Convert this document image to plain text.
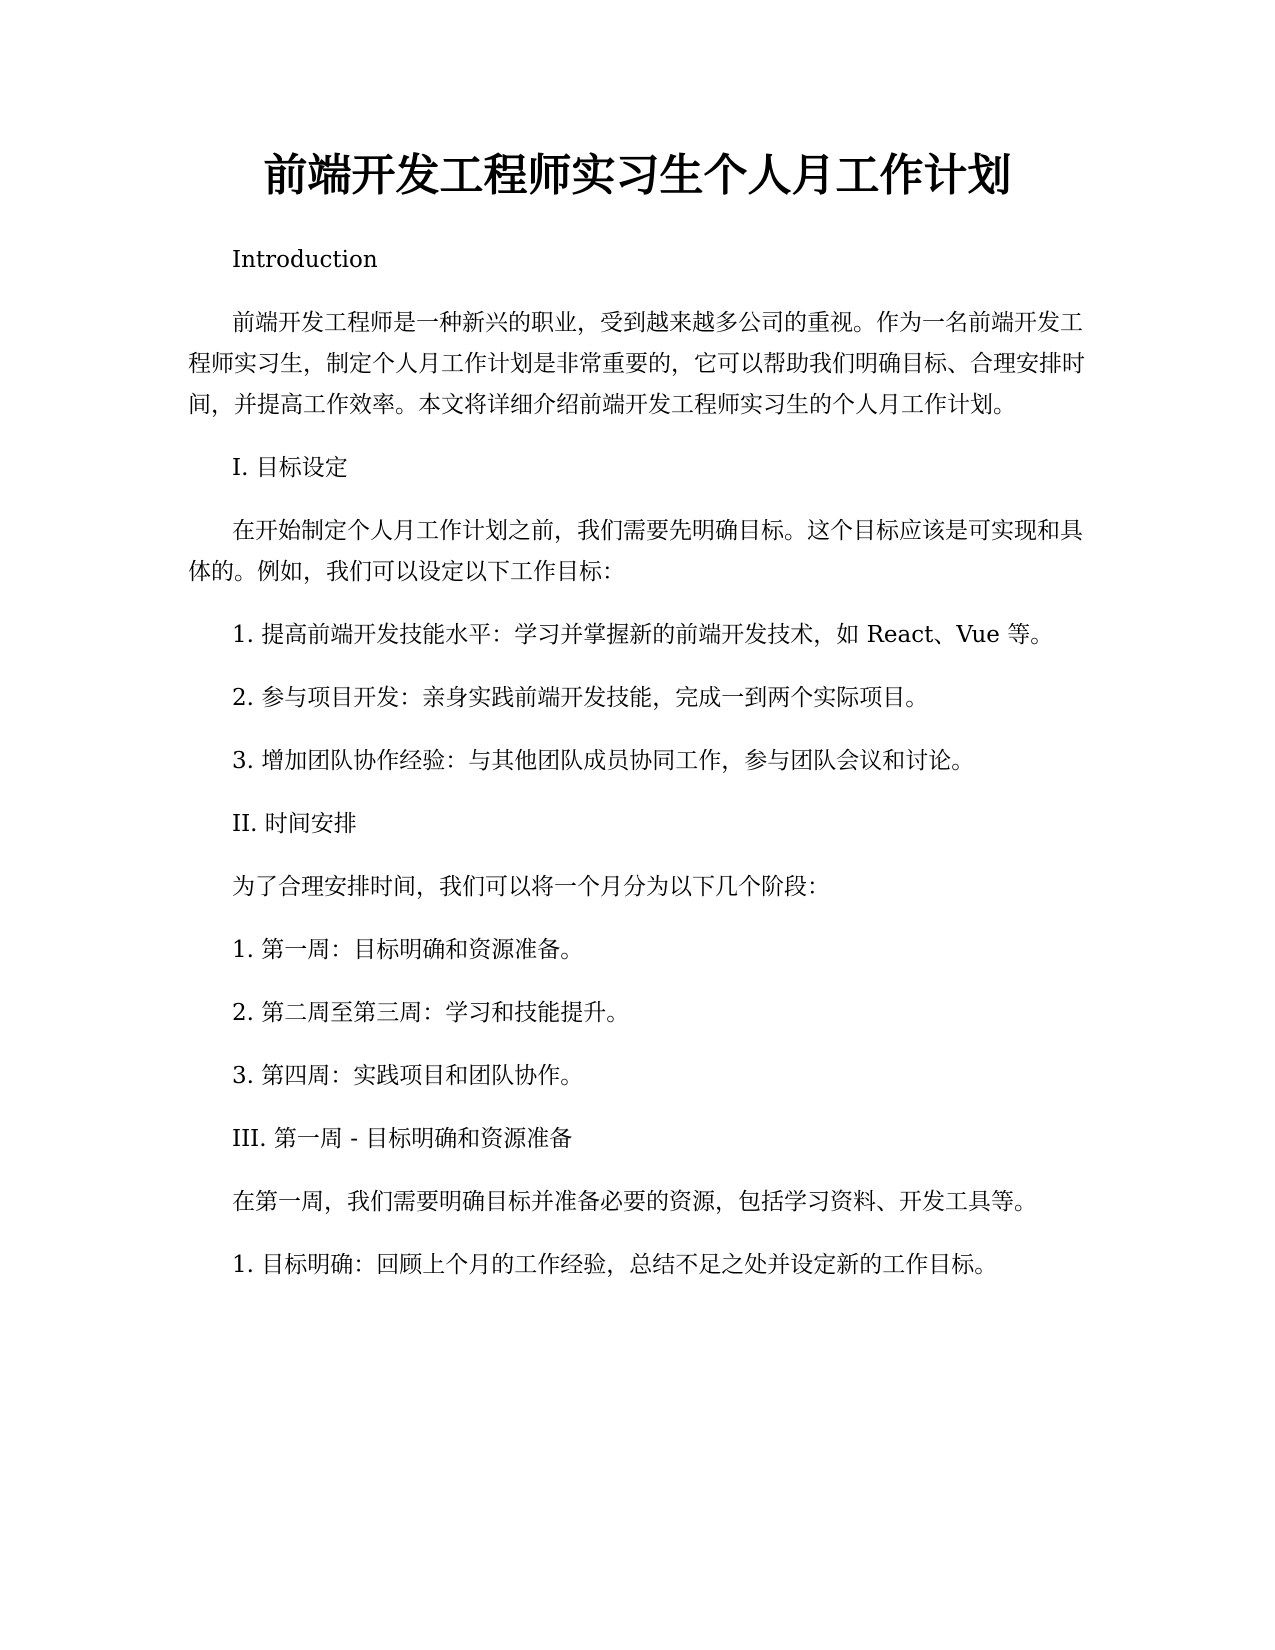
前端开发工程师实习生个人月工作计划

Introduction

前端开发工程师是一种新兴的职业，受到越来越多公司的重视。作为一名前端开发工程师实习生，制定个人月工作计划是非常重要的，它可以帮助我们明确目标、合理安排时间，并提高工作效率。本文将详细介绍前端开发工程师实习生的个人月工作计划。

I. 目标设定

在开始制定个人月工作计划之前，我们需要先明确目标。这个目标应该是可实现和具体的。例如，我们可以设定以下工作目标：

1. 提高前端开发技能水平：学习并掌握新的前端开发技术，如 React、Vue 等。

2. 参与项目开发：亲身实践前端开发技能，完成一到两个实际项目。

3. 增加团队协作经验：与其他团队成员协同工作，参与团队会议和讨论。

II. 时间安排

为了合理安排时间，我们可以将一个月分为以下几个阶段：

1. 第一周：目标明确和资源准备。

2. 第二周至第三周：学习和技能提升。

3. 第四周：实践项目和团队协作。

III. 第一周 - 目标明确和资源准备

在第一周，我们需要明确目标并准备必要的资源，包括学习资料、开发工具等。

1. 目标明确：回顾上个月的工作经验，总结不足之处并设定新的工作目标。
